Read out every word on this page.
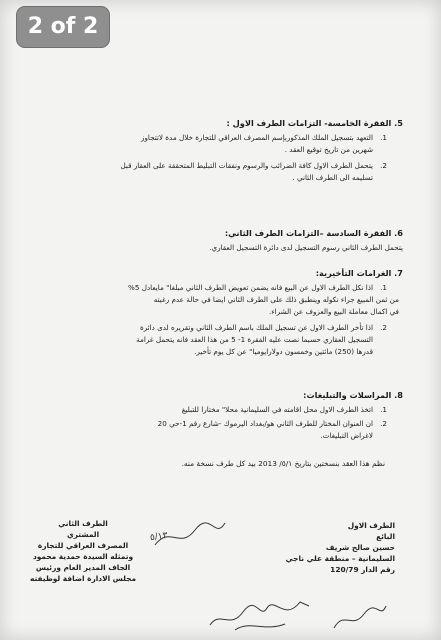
2 of 2
5. الفقرة الخامسة- التزامات الطرف الاول :
1.التعهد بتسجيل الملك المذكوربإسم المصرف العراقي للتجارة خلال مدة لاتتجاوز
شهرين من تاريخ توقيع العقد .
2.يتحمل الطرف الاول كافة الضرائب والرسوم ونفقات التبليط المتحققة على العقار قبل
تسليمه الى الطرف الثاني .
6. الفقرة السادسة –التزامات الطرف الثاني:
يتحمل الطرف الثاني رسوم التسجيل لدى دائرة التسجيل العقاري.
7. الغرامات التأخيرية:
1.اذا نكل الطرف الاول عن البيع فانه يضمن تعويض الطرف الثاني مبلغا" مايعادل 5%
من ثمن المبيع جراء نكوله وينطبق ذلك على الطرف الثاني ايضا في حالة عدم رغبته
في اكمال معاملة البيع والعزوف عن الشراء.
2.اذا تأخر الطرف الاول عن تسجيل الملك باسم الطرف الثاني وتقريره لدى دائرة
التسجيل العقاري حسبما نصت عليه الفقرة 1- 5 من هذا العقد فانه يتحمل غرامة
قدرها (250) مائتين وخمسون دولارايوميا" عن كل يوم تأخير.
8. المراسلات والتبليغات:
1.اتخذ الطرف الاول محل اقامته في السليمانية محلا" مختارا للتبليغ
2.ان العنوان المختار للطرف الثاني هو/بغداد اليرموك -شارع رقم 1-حي 20
لاغراض التبليغات.
نظم هذا العقد بنسختين بتاريخ ٥/١/ 2013 بيد كل طرف نسخة منه.
الطرف الاول
البائع
حسين صالح شريف
السليمانية – منطقة علي ناجي
رقم الدار 120/79
الطرف الثاني
المشتري
المصرف العراقي للتجارة
وتمثله السيدة حمدية محمود
الجاف المدير العام ورئيس
مجلس الادارة اضافة لوظيفته
٥/١٣
